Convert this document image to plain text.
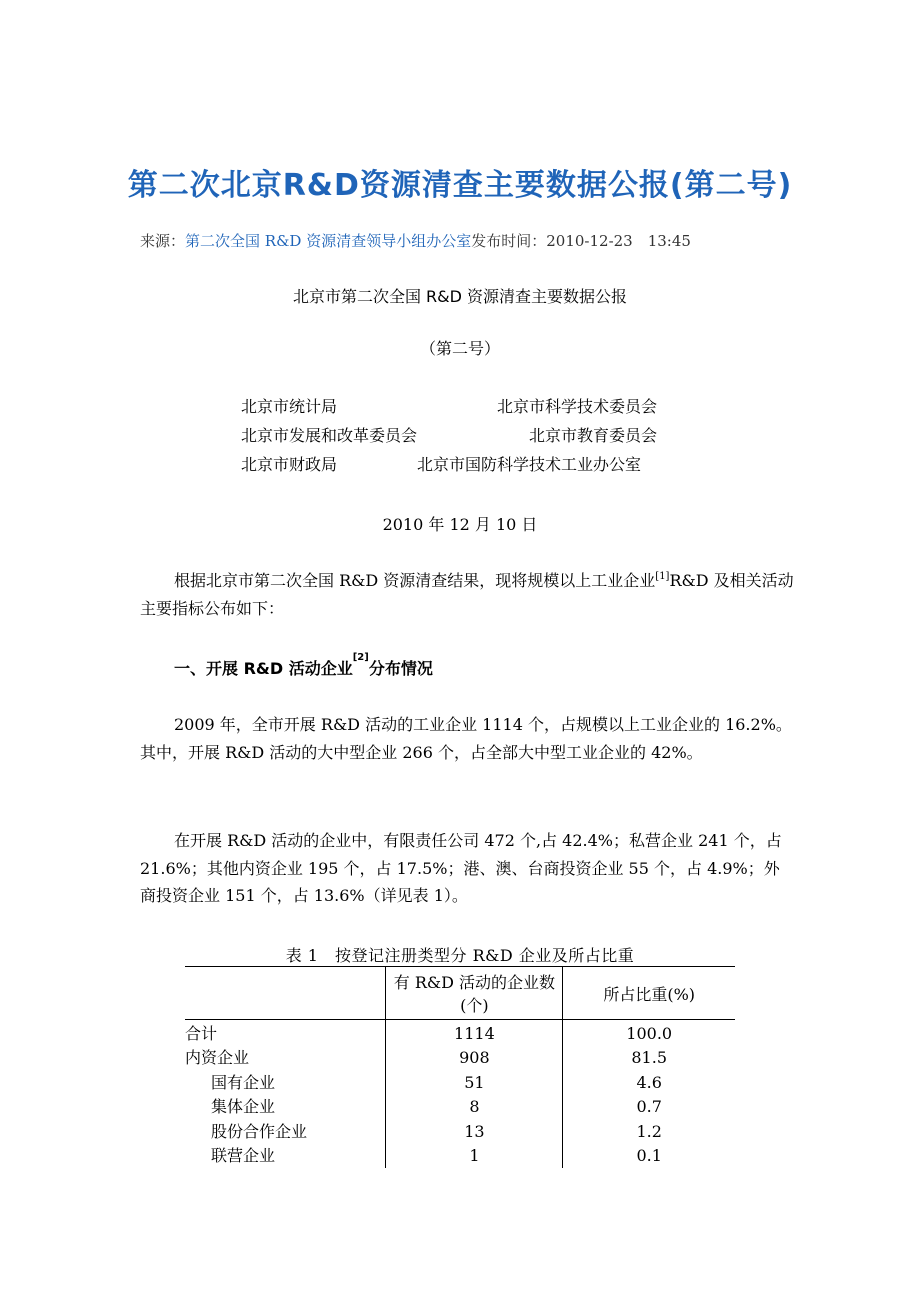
第二次北京R&D资源清查主要数据公报(第二号)
来源：第二次全国 R&D 资源清查领导小组办公室发布时间：2010-12-23　13:45
北京市第二次全国 R&D 资源清查主要数据公报
（第二号）
北京市统计局	北京市科学技术委员会
北京市发展和改革委员会	北京市教育委员会
北京市财政局	北京市国防科学技术工业办公室
2010 年 12 月 10 日

根据北京市第二次全国 R&D 资源清查结果，现将规模以上工业企业[1]R&D 及相关活动主要指标公布如下：

一、开展 R&D 活动企业[2]分布情况

2009 年，全市开展 R&D 活动的工业企业 1114 个，占规模以上工业企业的 16.2%。其中，开展 R&D 活动的大中型企业 266 个，占全部大中型工业企业的 42%。

在开展 R&D 活动的企业中，有限责任公司 472 个,占 42.4%；私营企业 241 个，占 21.6%；其他内资企业 195 个，占 17.5%；港、澳、台商投资企业 55 个，占 4.9%；外商投资企业 151 个，占 13.6%（详见表 1）。

表 1　按登记注册类型分 R&D 企业及所占比重
	有 R&D 活动的企业数(个)	所占比重(%)
合计	1114	100.0
内资企业	908	81.5
国有企业	51	4.6
集体企业	8	0.7
股份合作企业	13	1.2
联营企业	1	0.1
